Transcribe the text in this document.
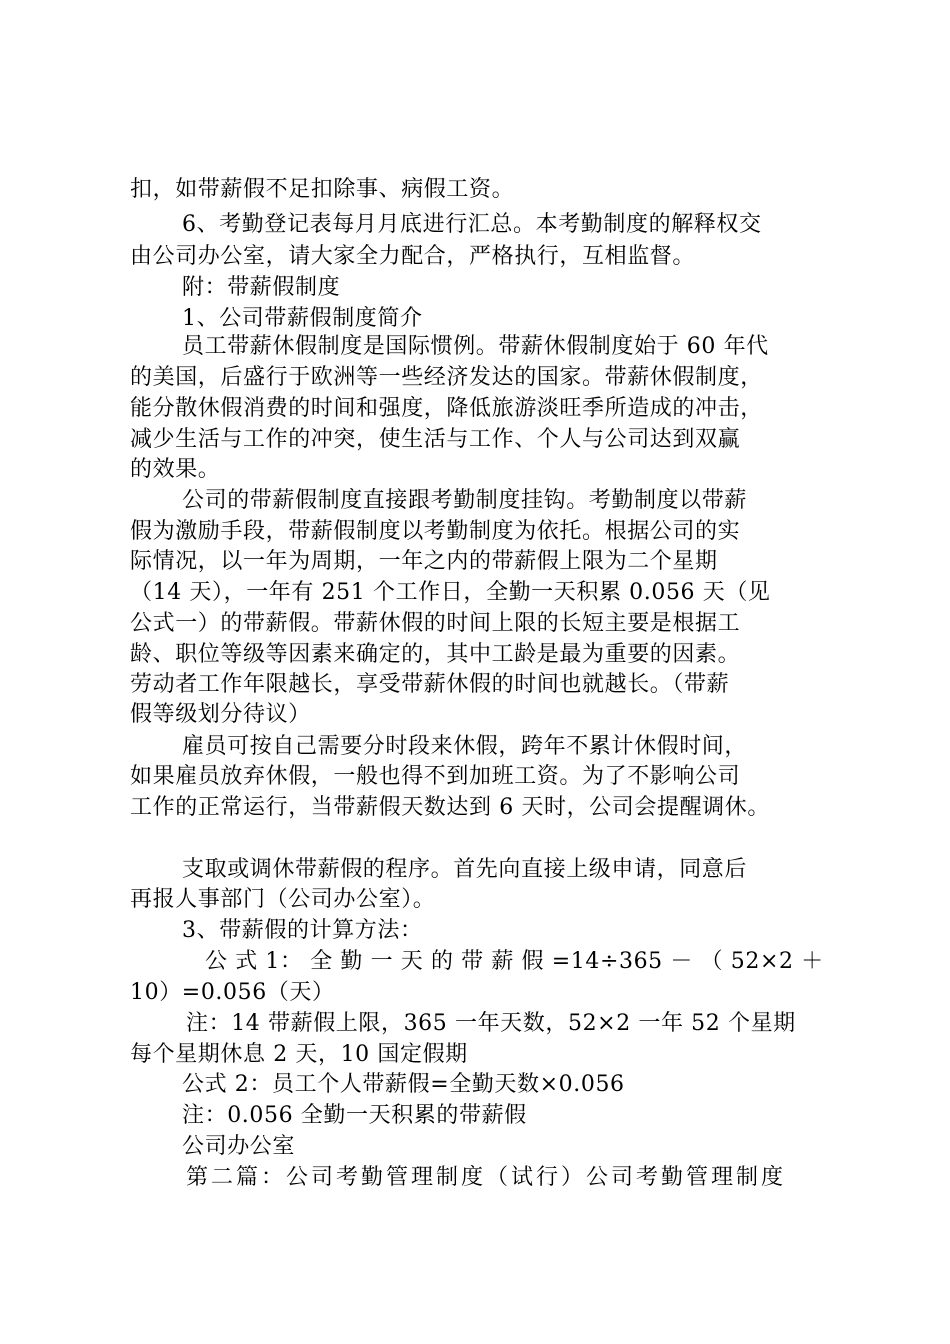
扣，如带薪假不足扣除事、病假工资。
6、考勤登记表每月月底进行汇总。本考勤制度的解释权交
由公司办公室，请大家全力配合，严格执行，互相监督。
附：带薪假制度
1、公司带薪假制度简介
员工带薪休假制度是国际惯例。带薪休假制度始于 60 年代
的美国，后盛行于欧洲等一些经济发达的国家。带薪休假制度，
能分散休假消费的时间和强度，降低旅游淡旺季所造成的冲击，
减少生活与工作的冲突，使生活与工作、个人与公司达到双赢
的效果。
公司的带薪假制度直接跟考勤制度挂钩。考勤制度以带薪
假为激励手段，带薪假制度以考勤制度为依托。根据公司的实
际情况，以一年为周期，一年之内的带薪假上限为二个星期
（14 天），一年有 251 个工作日，全勤一天积累 0.056 天（见
公式一）的带薪假。带薪休假的时间上限的长短主要是根据工
龄、职位等级等因素来确定的，其中工龄是最为重要的因素。
劳动者工作年限越长，享受带薪休假的时间也就越长。（带薪
假等级划分待议）
雇员可按自己需要分时段来休假，跨年不累计休假时间，
如果雇员放弃休假，一般也得不到加班工资。为了不影响公司
工作的正常运行，当带薪假天数达到 6 天时，公司会提醒调休。
支取或调休带薪假的程序。首先向直接上级申请，同意后
再报人事部门（公司办公室）。
3、带薪假的计算方法：
公 式 1： 全 勤 一 天 的 带 薪 假 =14÷365 － （ 52×2 ＋
10）=0.056（天）
注：14 带薪假上限，365 一年天数，52×2 一年 52 个星期
每个星期休息 2 天，10 国定假期
公式 2：员工个人带薪假=全勤天数×0.056
注：0.056 全勤一天积累的带薪假
公司办公室
第二篇：公司考勤管理制度（试行）公司考勤管理制度
